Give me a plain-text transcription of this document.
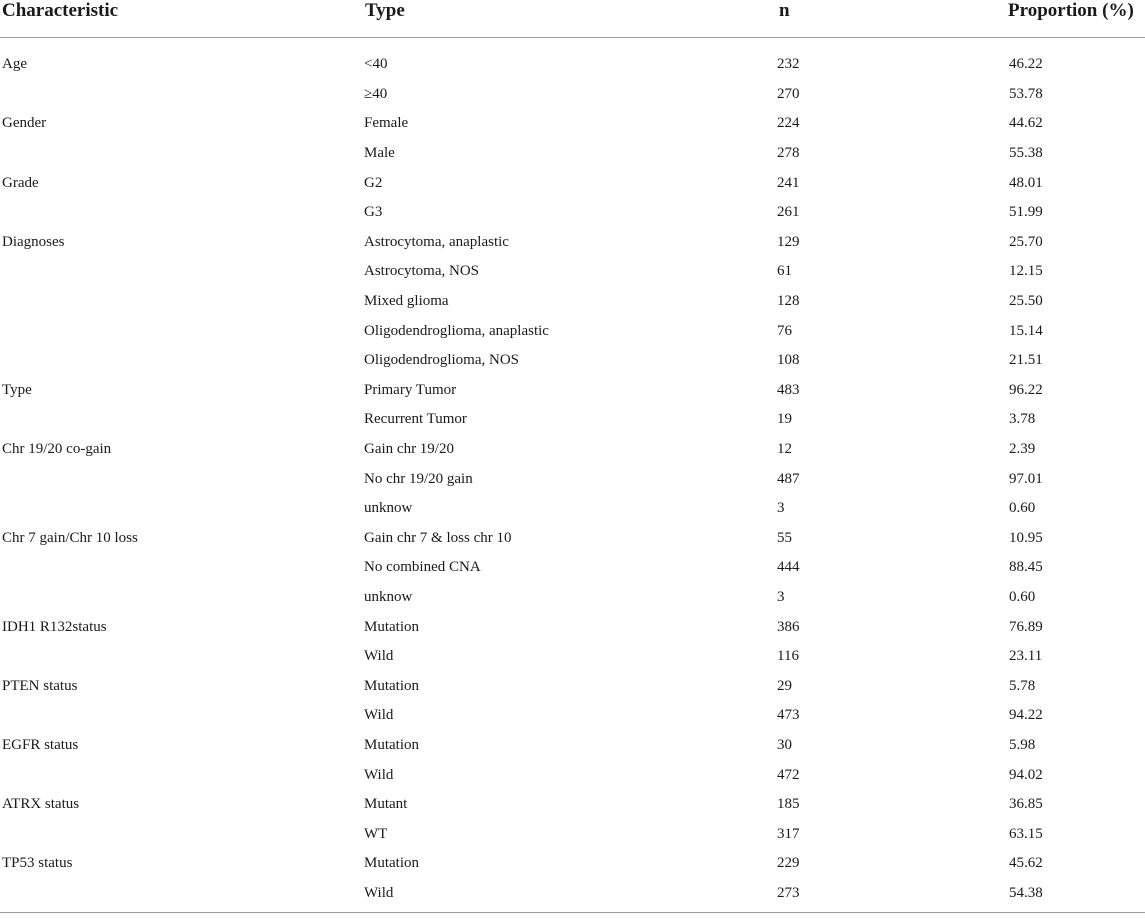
Characteristic	Type	n	Proportion (%)
Age	<40	232	46.22
	≥40	270	53.78
Gender	Female	224	44.62
	Male	278	55.38
Grade	G2	241	48.01
	G3	261	51.99
Diagnoses	Astrocytoma, anaplastic	129	25.70
	Astrocytoma, NOS	61	12.15
	Mixed glioma	128	25.50
	Oligodendroglioma, anaplastic	76	15.14
	Oligodendroglioma, NOS	108	21.51
Type	Primary Tumor	483	96.22
	Recurrent Tumor	19	3.78
Chr 19/20 co-gain	Gain chr 19/20	12	2.39
	No chr 19/20 gain	487	97.01
	unknow	3	0.60
Chr 7 gain/Chr 10 loss	Gain chr 7 & loss chr 10	55	10.95
	No combined CNA	444	88.45
	unknow	3	0.60
IDH1 R132status	Mutation	386	76.89
	Wild	116	23.11
PTEN status	Mutation	29	5.78
	Wild	473	94.22
EGFR status	Mutation	30	5.98
	Wild	472	94.02
ATRX status	Mutant	185	36.85
	WT	317	63.15
TP53 status	Mutation	229	45.62
	Wild	273	54.38
